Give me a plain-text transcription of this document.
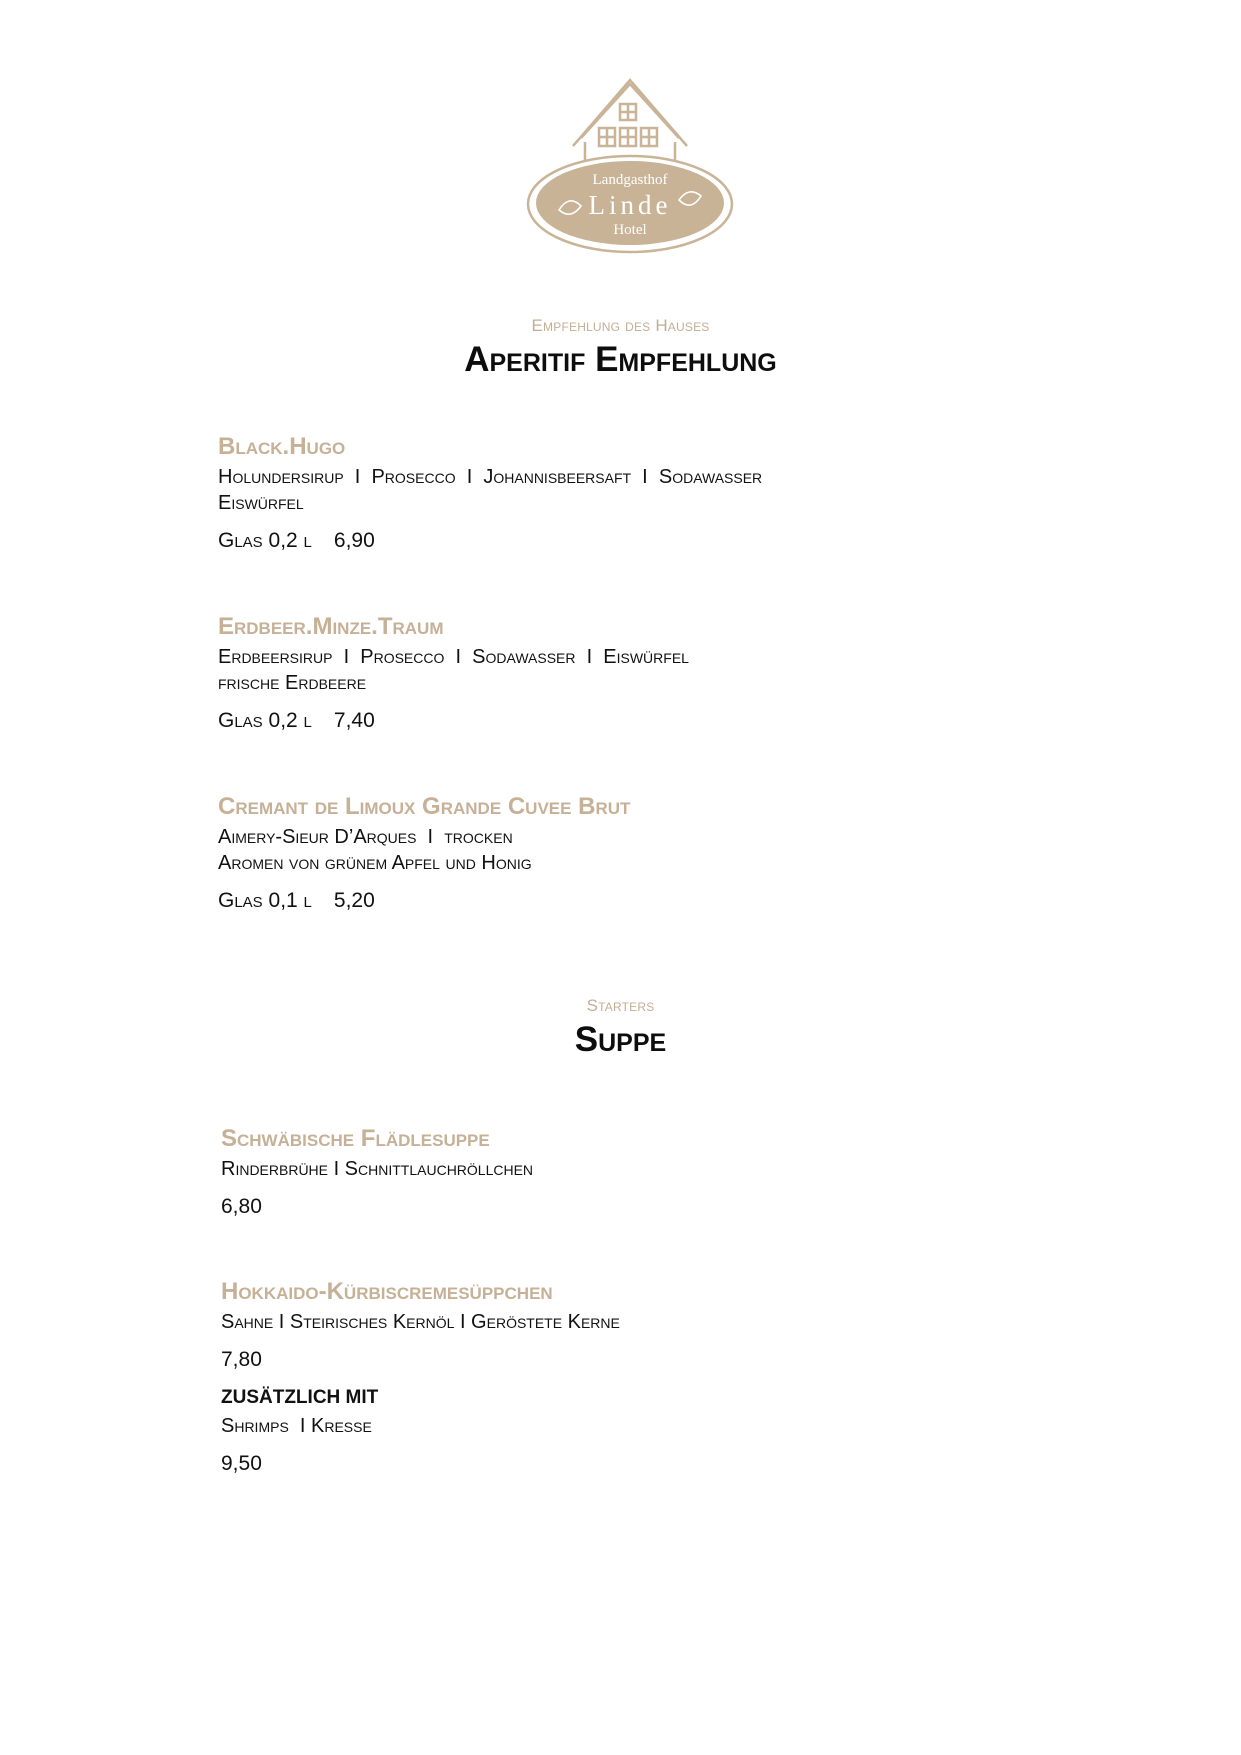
Landgasthof
Linde
Hotel
Empfehlung des Hauses
Aperitif Empfehlung
Black.Hugo
Holundersirup  I  Prosecco  I  Johannisbeersaft  I  Sodawasser
Eiswürfel
Glas 0,2 l 6,90
Erdbeer.Minze.Traum
Erdbeersirup  I  Prosecco  I  Sodawasser  I  Eiswürfel
frische Erdbeere
Glas 0,2 l 7,40
Cremant de Limoux Grande Cuvee Brut
Aimery-Sieur D’Arques  I  trocken
Aromen von grünem Apfel und Honig
Glas 0,1 l 5,20
Starters
Suppe
Schwäbische Flädlesuppe
Rinderbrühe I Schnittlauchröllchen
6,80
Hokkaido-Kürbiscremesüppchen
Sahne I Steirisches Kernöl I Geröstete Kerne
7,80
ZUSÄTZLICH MIT
Shrimps  I Kresse
9,50
